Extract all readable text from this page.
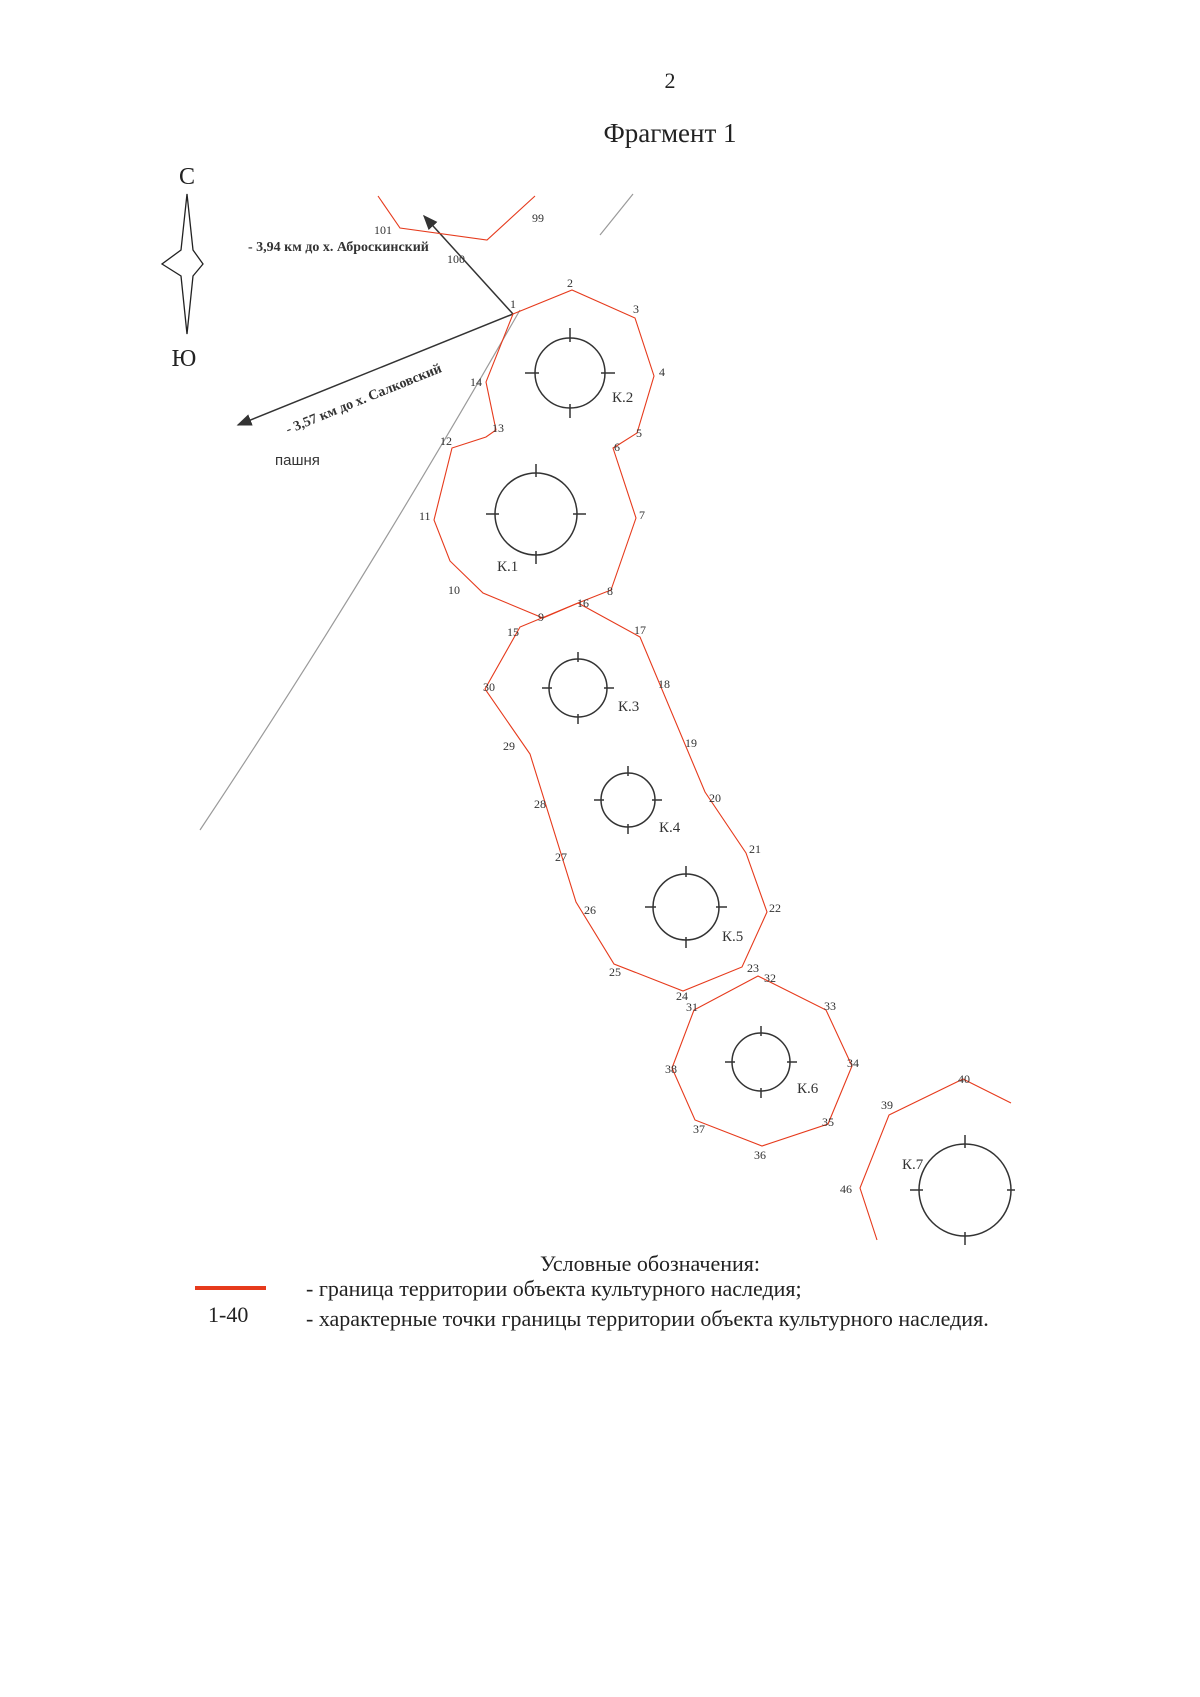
2
Фрагмент 1
С
Ю
К.1
К.2
К.3
К.4
К.5
К.6
К.7
1
2
3
4
5
6
7
8
9
10
11
12
13
14
15
16
17
18
19
20
21
22
23
24
25
26
27
28
29
30
31
32
33
34
35
36
37
38
39
40
46
99
100
101
- 3,94 км до х. Аброскинский
- 3,57 км до х. Салковский
пашня
Условные обозначения:
1-40
- граница территории объекта культурного наследия;
- характерные точки границы территории объекта культурного наследия.
